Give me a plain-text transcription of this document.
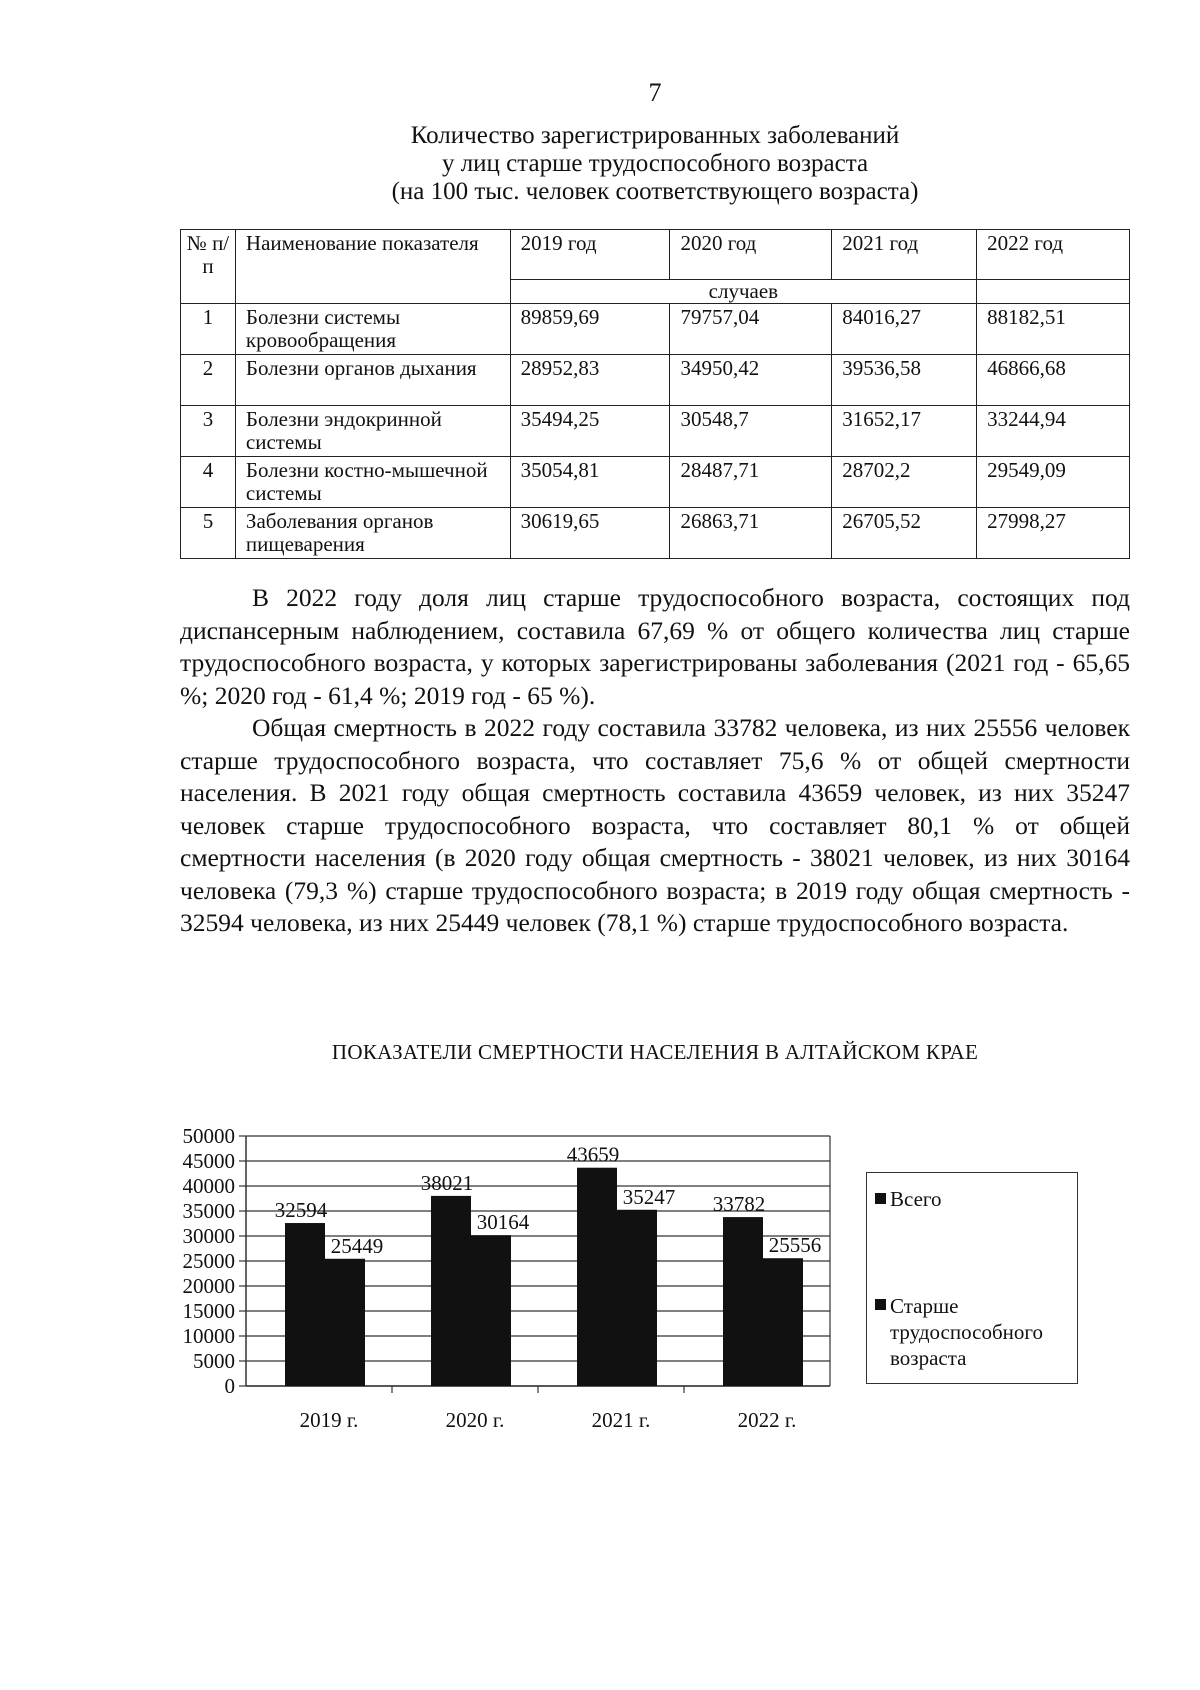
7
Количество зарегистрированных заболеваний
у лиц старше трудоспособного возраста
(на 100 тыс. человек соответствующего возраста)
№ п/п	Наименование показателя	2019 год	2020 год	2021 год	2022 год
		случаев			
1	Болезни системы кровообращения	89859,69	79757,04	84016,27	88182,51
2	Болезни органов дыхания	28952,83	34950,42	39536,58	46866,68
3	Болезни эндокринной системы	35494,25	30548,7	31652,17	33244,94
4	Болезни костно-мышечной системы	35054,81	28487,71	28702,2	29549,09
5	Заболевания органов пищеварения	30619,65	26863,71	26705,52	27998,27

В 2022 году доля лиц старше трудоспособного возраста, состоящих под диспансерным наблюдением, составила 67,69 % от общего количества лиц старше трудоспособного возраста, у которых зарегистрированы заболевания (2021 год - 65,65 %; 2020 год - 61,4 %; 2019 год - 65 %).

Общая смертность в 2022 году составила 33782 человека, из них 25556 человек старше трудоспособного возраста, что составляет 75,6 % от общей смертности населения. В 2021 году общая смертность составила 43659 человек, из них 35247 человек старше трудоспособного возраста, что составляет 80,1 % от общей смертности населения (в 2020 году общая смертность - 38021 человек, из них 30164 человека (79,3 %) старше трудоспособного возраста; в 2019 году общая смертность - 32594 человека, из них 25449 человек (78,1 %) старше трудоспособного возраста.

ПОКАЗАТЕЛИ СМЕРТНОСТИ НАСЕЛЕНИЯ В АЛТАЙСКОМ КРАЕ
0
5000
10000
15000
20000
25000
30000
35000
40000
45000
50000
32594
25449
2019 г.
38021
30164
2020 г.
43659
35247
2021 г.
33782
25556
2022 г.
Всего
Старше
трудоспособного
возраста
